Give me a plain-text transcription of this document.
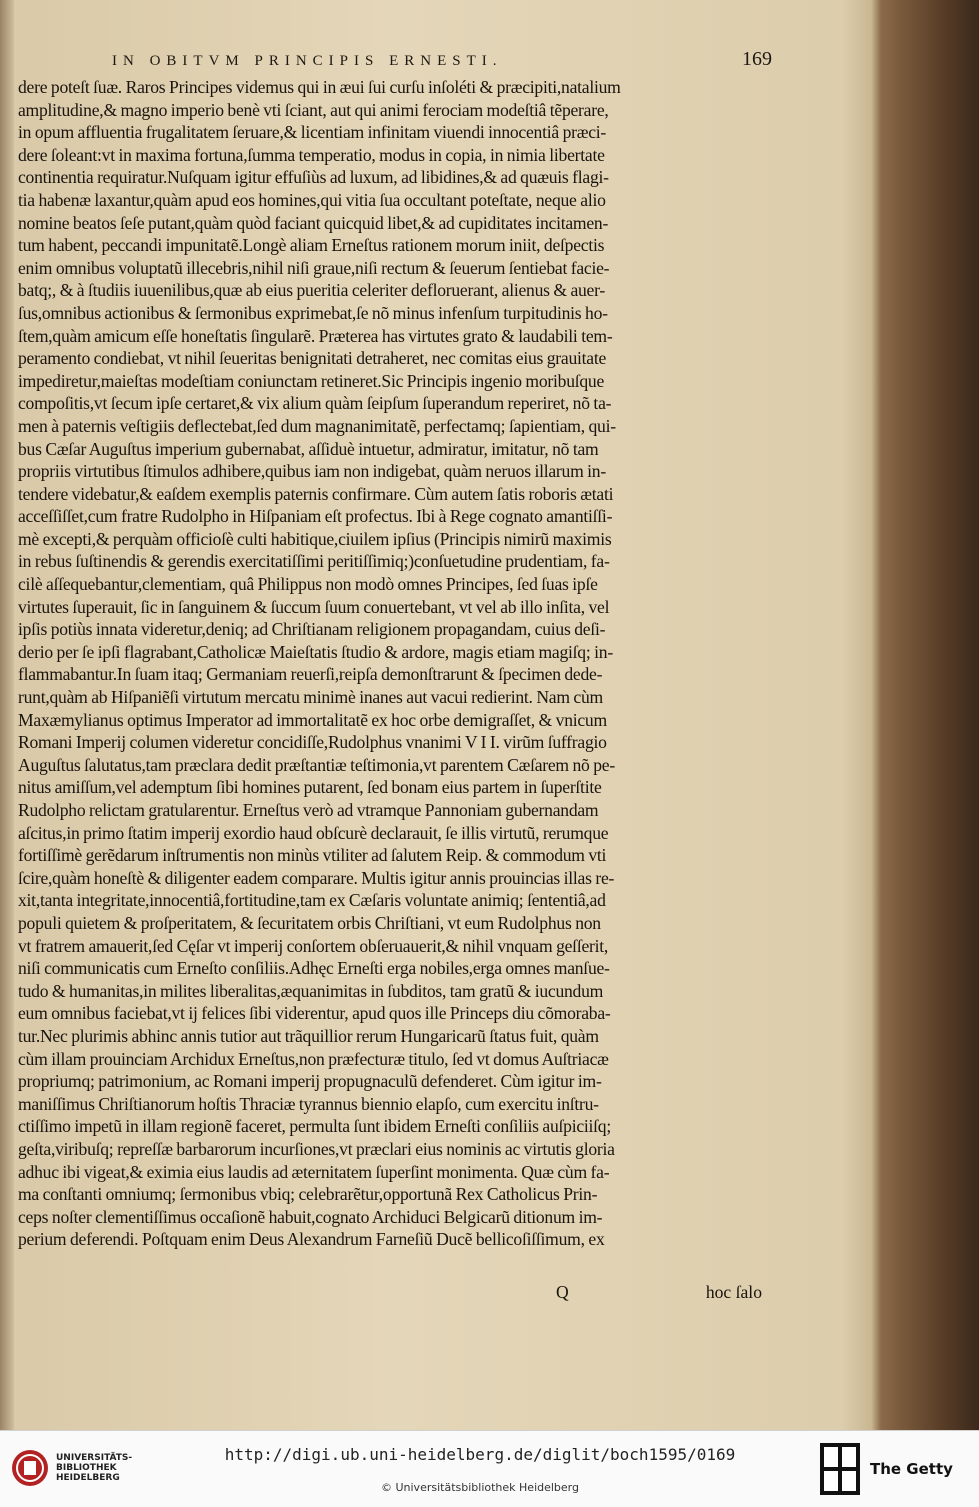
IN OBITVM PRINCIPIS ERNESTI.	169
dere poteſt ſuæ. Raros Principes videmus qui in æui ſui curſu inſoléti & præcipiti,natalium
amplitudine,& magno imperio benè vti ſciant, aut qui animi ferociam modeſtiâ tẽperare,
in opum affluentia frugalitatem ſeruare,& licentiam infinitam viuendi innocentiâ præci-
dere ſoleant:vt in maxima fortuna,ſumma temperatio, modus in copia, in nimia libertate
continentia requiratur.Nuſquam igitur effuſiùs ad luxum, ad libidines,& ad quæuis flagi-
tia habenæ laxantur,quàm apud eos homines,qui vitia ſua occultant poteſtate, neque alio
nomine beatos ſeſe putant,quàm quòd faciant quicquid libet,& ad cupiditates incitamen-
tum habent, peccandi impunitatẽ.Longè aliam Erneſtus rationem morum iniit, deſpectis
enim omnibus voluptatũ illecebris,nihil niſi graue,niſi rectum & ſeuerum ſentiebat facie-
batq;, & à ſtudiis iuuenilibus,quæ ab eius pueritia celeriter defloruerant, alienus & auer-
ſus,omnibus actionibus & ſermonibus exprimebat,ſe nõ minus infenſum turpitudinis ho-
ſtem,quàm amicum eſſe honeſtatis ſingularẽ. Præterea has virtutes grato & laudabili tem-
peramento condiebat, vt nihil ſeueritas benignitati detraheret, nec comitas eius grauitate
impediretur,maieſtas modeſtiam coniunctam retineret.Sic Principis ingenio moribuſque
compoſitis,vt ſecum ipſe certaret,& vix alium quàm ſeipſum ſuperandum reperiret, nõ ta-
men à paternis veſtigiis deflectebat,ſed dum magnanimitatẽ, perfectamq; ſapientiam, qui-
bus Cæſar Auguſtus imperium gubernabat, aſſiduè intuetur, admiratur, imitatur, nõ tam
propriis virtutibus ſtimulos adhibere,quibus iam non indigebat, quàm neruos illarum in-
tendere videbatur,& eaſdem exemplis paternis confirmare. Cùm autem ſatis roboris ætati
acceſſiſſet,cum fratre Rudolpho in Hiſpaniam eſt profectus. Ibi à Rege cognato amantiſſi-
mè excepti,& perquàm officioſè culti habitique,ciuilem ipſius (Principis nimirũ maximis
in rebus ſuſtinendis & gerendis exercitatiſſimi peritiſſimiq;)conſuetudine prudentiam, fa-
cilè aſſequebantur,clementiam, quâ Philippus non modò omnes Principes, ſed ſuas ipſe
virtutes ſuperauit, ſic in ſanguinem & ſuccum ſuum conuertebant, vt vel ab illo inſita, vel
ipſis potiùs innata videretur,deniq; ad Chriſtianam religionem propagandam, cuius deſi-
derio per ſe ipſi flagrabant,Catholicæ Maieſtatis ſtudio & ardore, magis etiam magiſq; in-
flammabantur.In ſuam itaq; Germaniam reuerſi,reipſa demonſtrarunt & ſpecimen dede-
runt,quàm ab Hiſpaniẽſi virtutum mercatu minimè inanes aut vacui redierint. Nam cùm
Maxæmylianus optimus Imperator ad immortalitatẽ ex hoc orbe demigraſſet, & vnicum
Romani Imperij columen videretur concidiſſe,Rudolphus vnanimi V I I. virũm ſuffragio
Auguſtus ſalutatus,tam præclara dedit præſtantiæ teſtimonia,vt parentem Cæſarem nõ pe-
nitus amiſſum,vel ademptum ſibi homines putarent, ſed bonam eius partem in ſuperſtite
Rudolpho relictam gratularentur. Erneſtus verò ad vtramque Pannoniam gubernandam
aſcitus,in primo ſtatim imperij exordio haud obſcurè declarauit, ſe illis virtutũ, rerumque
fortiſſimè gerẽdarum inſtrumentis non minùs vtiliter ad ſalutem Reip. & commodum vti
ſcire,quàm honeſtè & diligenter eadem comparare. Multis igitur annis prouincias illas re-
xit,tanta integritate,innocentiâ,fortitudine,tam ex Cæſaris voluntate animiq; ſententiâ,ad
populi quietem & proſperitatem, & ſecuritatem orbis Chriſtiani, vt eum Rudolphus non
vt fratrem amauerit,ſed Cęſar vt imperij conſortem obſeruauerit,& nihil vnquam geſſerit,
niſi communicatis cum Erneſto conſiliis.Adhęc Erneſti erga nobiles,erga omnes manſue-
tudo & humanitas,in milites liberalitas,æquanimitas in ſubditos, tam gratũ & iucundum
eum omnibus faciebat,vt ij felices ſibi viderentur, apud quos ille Princeps diu cõmoraba-
tur.Nec plurimis abhinc annis tutior aut trãquillior rerum Hungaricarũ ſtatus fuit, quàm
cùm illam prouinciam Archidux Erneſtus,non præfecturæ titulo, ſed vt domus Auſtriacæ
propriumq; patrimonium, ac Romani imperij propugnaculũ defenderet. Cùm igitur im-
maniſſimus Chriſtianorum hoſtis Thraciæ tyrannus biennio elapſo, cum exercitu inſtru-
ctiſſimo impetũ in illam regionẽ faceret, permulta ſunt ibidem Erneſti conſiliis auſpiciiſq;
geſta,viribuſq; repreſſæ barbarorum incurſiones,vt præclari eius nominis ac virtutis gloria
adhuc ibi vigeat,& eximia eius laudis ad æternitatem ſuperſint monimenta. Quæ cùm fa-
ma conſtanti omniumq; ſermonibus vbiq; celebrarẽtur,opportunã Rex Catholicus Prin-
ceps noſter clementiſſimus occaſionẽ habuit,cognato Archiduci Belgicarũ ditionum im-
perium deferendi. Poſtquam enim Deus Alexandrum Farneſiũ Ducẽ bellicoſiſſimum, ex
Q	hoc ſalo
UNIVERSITÄTS-
BIBLIOTHEK
HEIDELBERG
http://digi.ub.uni-heidelberg.de/diglit/boch1595/0169
© Universitätsbibliothek Heidelberg
The Getty
